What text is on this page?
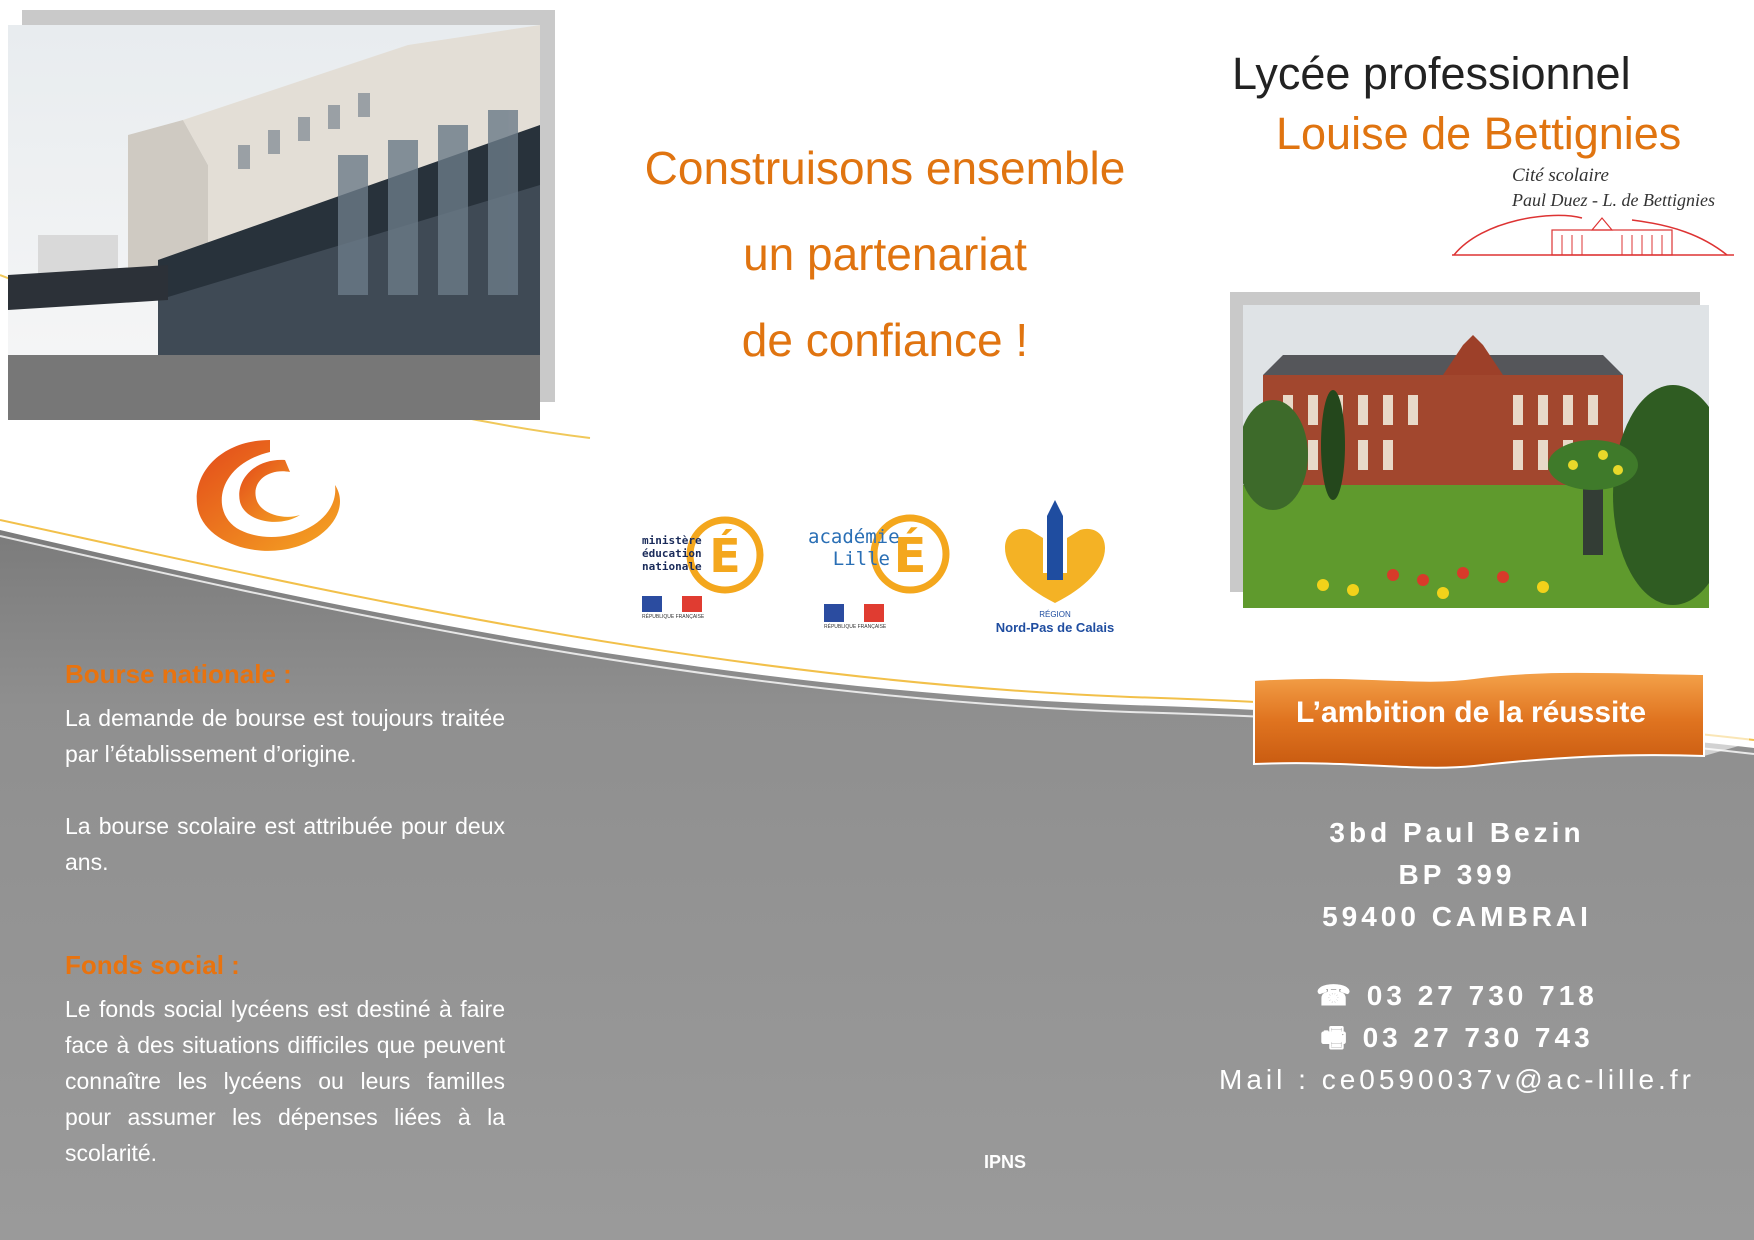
Construisons ensemble
un partenariat
de confiance !
Lycée professionnel
Louise de Bettignies
Cité scolaire
Paul Duez - L. de Bettignies
É
ministère
éducation
nationale
RÉPUBLIQUE FRANÇAISE
É
académie
Lille
RÉPUBLIQUE FRANÇAISE
RÉGION
Nord-Pas de Calais
Bourse nationale :

La demande de bourse est toujours traitée par l’établissement d’origine.

La bourse scolaire est attribuée pour deux ans.

Fonds social :

Le fonds social lycéens est destiné à faire face à des situations difficiles que peuvent connaître les lycéens ou leurs familles pour assumer les dépenses liées à la scolarité.

L’ambition de la réussite
3bd Paul Bezin
BP 399
59400 CAMBRAI
☎ 03 27 730 718
🖷 03 27 730 743
Mail : ce0590037v@ac-lille.fr
IPNS
